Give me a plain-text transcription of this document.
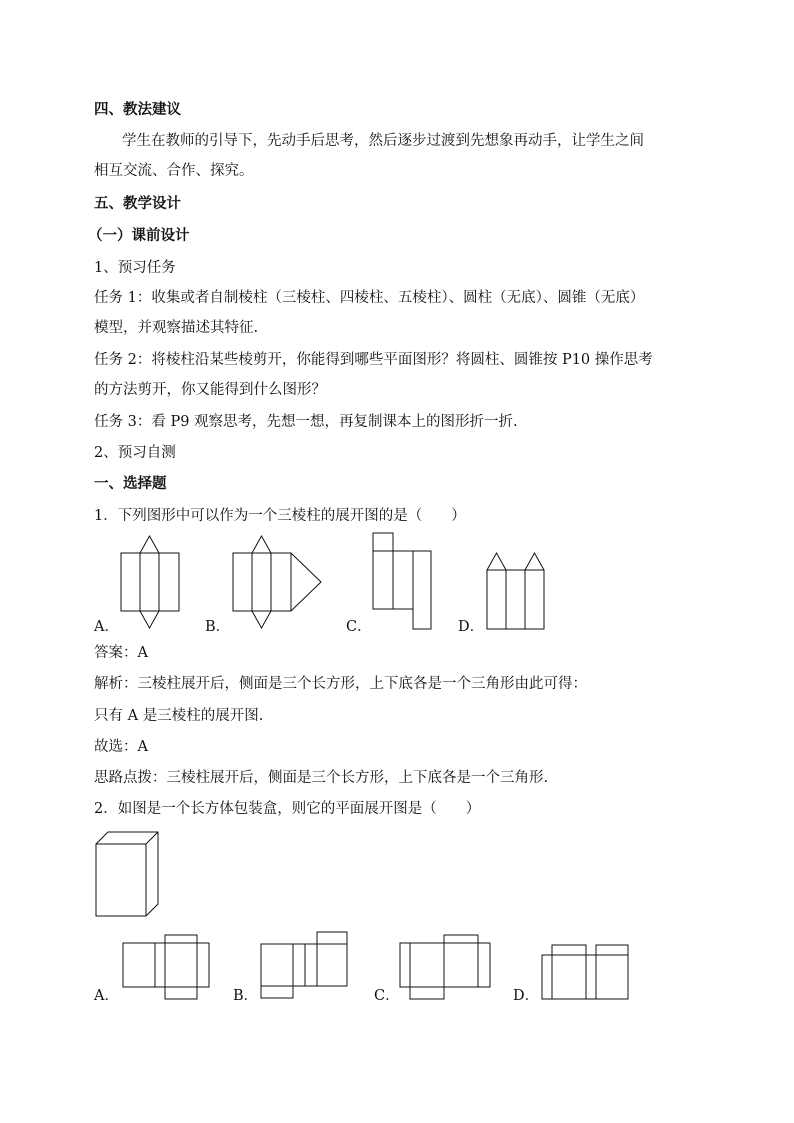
四、教法建议
学生在教师的引导下，先动手后思考，然后逐步过渡到先想象再动手，让学生之间
相互交流、合作、探究。
五、教学设计
（一）课前设计
1、预习任务
任务 1：收集或者自制棱柱（三棱柱、四棱柱、五棱柱）、圆柱（无底）、圆锥（无底）
模型，并观察描述其特征.
任务 2：将棱柱沿某些棱剪开，你能得到哪些平面图形？将圆柱、圆锥按 P10 操作思考
的方法剪开，你又能得到什么图形？
任务 3：看 P9 观察思考，先想一想，再复制课本上的图形折一折.
2、预习自测
一、选择题
1．下列图形中可以作为一个三棱柱的展开图的是（　　）
A．	B．	C．	D．
答案：A
解析：三棱柱展开后，侧面是三个长方形，上下底各是一个三角形由此可得：
只有 A 是三棱柱的展开图.
故选：A
思路点拨：三棱柱展开后，侧面是三个长方形，上下底各是一个三角形.
2．如图是一个长方体包装盒，则它的平面展开图是（　　）
A．	B．	C．	D．
